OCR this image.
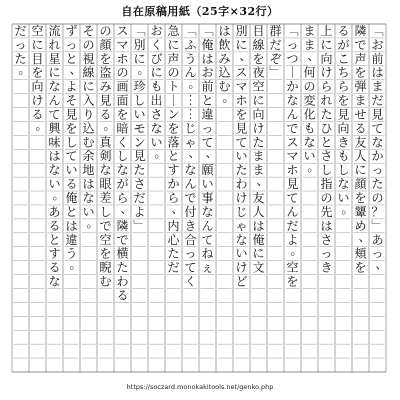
自在原稿用紙（25字×32行）
﹁
お
前
は
ま
だ
見
て
な
か
っ
た
の
？
﹂
あ
っ
、
隣
で
声
を
弾
ま
せ
る
友
人
に
顔
を
顰
め
、
頬
を
る
が
こ
ち
ら
を
見
向
き
も
し
な
い
。
上
に
向
け
ら
れ
た
ひ
と
さ
し
指
の
先
は
さ
っ
き
ま
ま
、
何
の
変
化
も
な
い
。
﹁
っ
つ
｜
か
な
ん
で
ス
マ
ホ
見
て
ん
だ
よ
。
空
を
群
だ
ぞ
﹂
目
線
を
夜
空
に
向
け
た
ま
ま
、
友
人
は
俺
に
文
別
に
、
ス
マ
ホ
を
見
て
い
た
わ
け
じ
ゃ
な
い
け
ど
は
飲
み
込
む
。
﹁
俺
は
お
前
と
違
っ
て
、
願
い
事
な
ん
て
ね
ぇ
﹁
ふ
う
ん
。
︙
︙
じ
ゃ
、
な
ん
で
付
き
合
っ
て
く
急
に
声
の
ト
｜
ン
を
落
と
す
か
ら
、
内
心
た
だ
お
く
び
に
も
出
さ
な
い
。
﹁
別
に
。
珍
し
い
モ
ン
見
た
さ
だ
よ
﹂
ス
マ
ホ
の
画
面
を
暗
く
し
な
が
ら
、
隣
で
横
た
わ
る
の
顔
を
盗
み
見
る
。
真
剣
な
眼
差
し
で
空
を
睨
む
そ
の
視
線
に
入
り
込
む
余
地
は
な
い
。
ず
っ
と
、
よ
そ
見
を
し
て
い
る
俺
と
は
違
う
。
流
れ
星
に
な
ん
て
興
味
は
な
い
。
あ
る
と
す
る
な
空
に
目
を
向
け
る
。
だ
っ
た
。
https://soczard.monokakitools.net/genko.php
